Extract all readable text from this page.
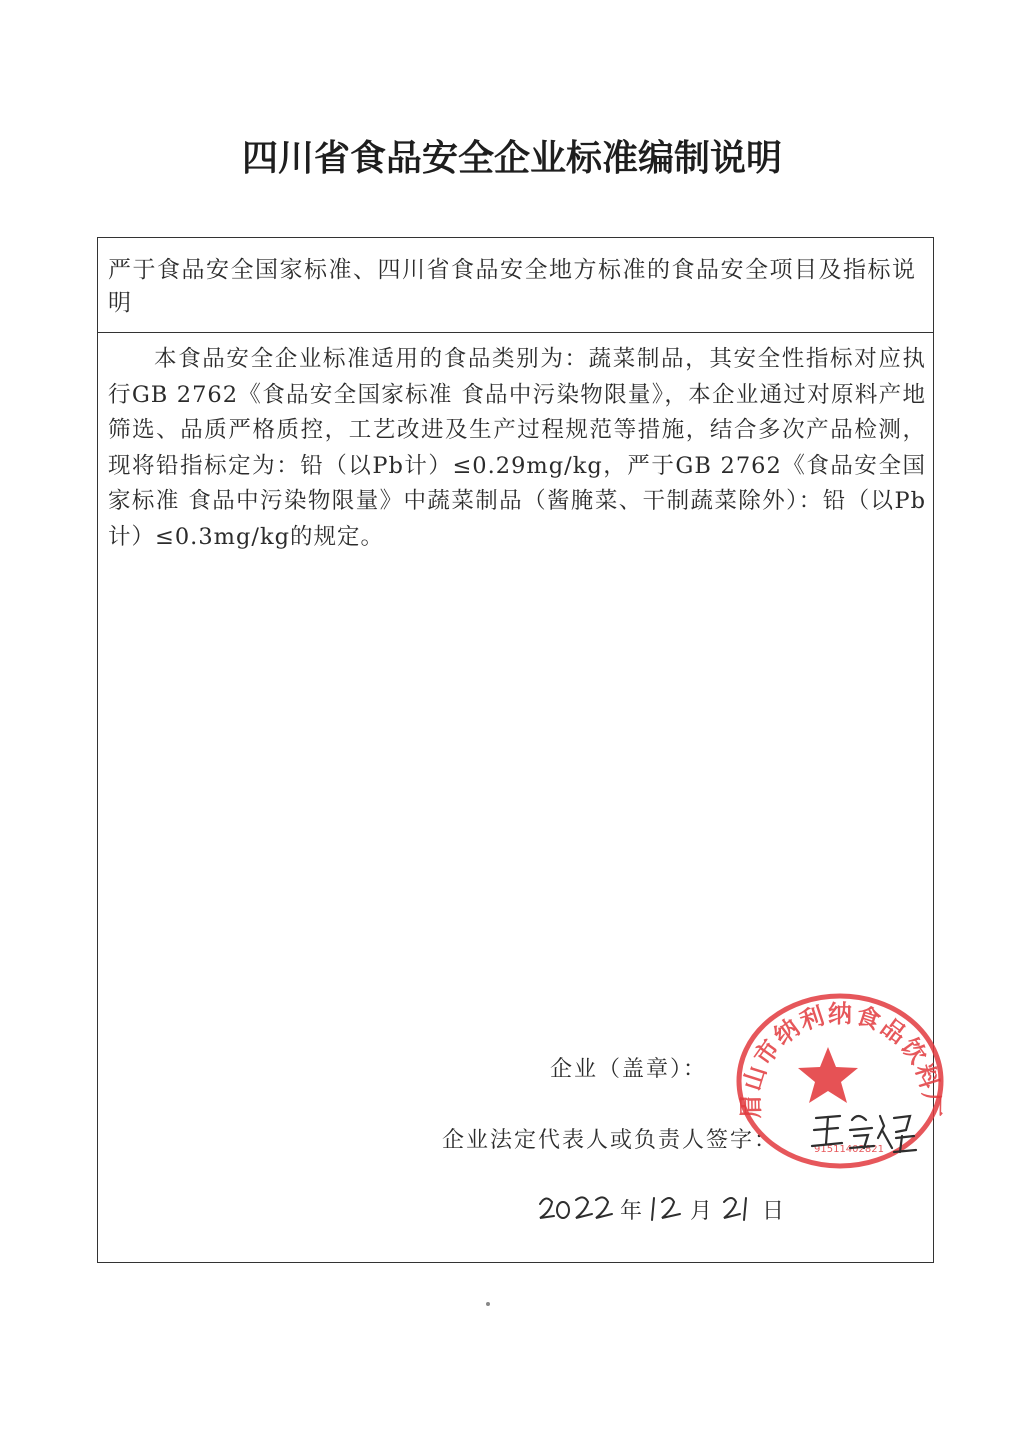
四川省食品安全企业标准编制说明
严于食品安全国家标准、四川省食品安全地方标准的食品安全项目及指标说明
本食品安全企业标准适用的食品类别为：蔬菜制品，其安全性指标对应执行GB 2762《食品安全国家标准 食品中污染物限量》，本企业通过对原料产地筛选、品质严格质控，工艺改进及生产过程规范等措施，结合多次产品检测，现将铅指标定为：铅（以Pb计）≤0.29mg/kg，严于GB 2762《食品安全国家标准 食品中污染物限量》中蔬菜制品（酱腌菜、干制蔬菜除外）：铅（以Pb计）≤0.3mg/kg的规定。
企业（盖章）：
企业法定代表人或负责人签字：
眉山市纳利纳食品饮料厂
91511402821
年 月 日
